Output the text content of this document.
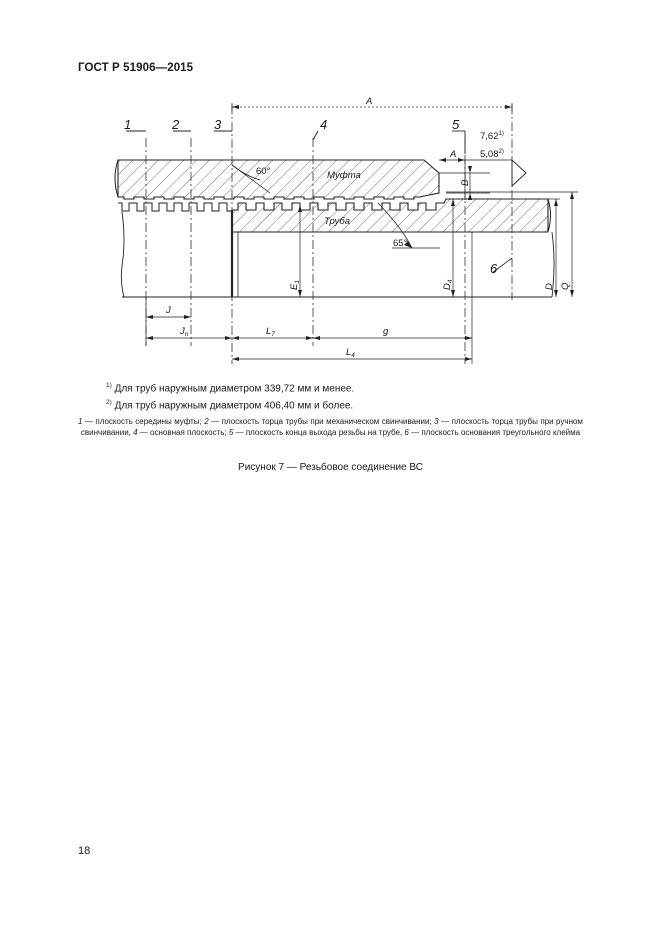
ГОСТ Р 51906—2015
1	2	3	4	5
6
Муфта
Труба
60°
65°
A
A
7,62$^{1)}$
5,08$^{2)}$
B
$E_1$
$D_4$
D Q
J
$J_n$	$L_7$	g
$L_4$
$^{1)}$ Для труб наружным диаметром 339,72 мм и менее.
$^{2)}$ Для труб наружным диаметром 406,40 мм и более.
1 — плоскость середины муфты; 2 — плоскость торца трубы при механическом свинчивании; 3 — плоскость торца трубы при ручном свинчивании, 4 — основная плоскость; 5 — плоскость конца выхода резьбы на трубе, 6 — плоскость основания треугольного клейма
Рисунок 7 — Резьбовое соединение ВС
18
